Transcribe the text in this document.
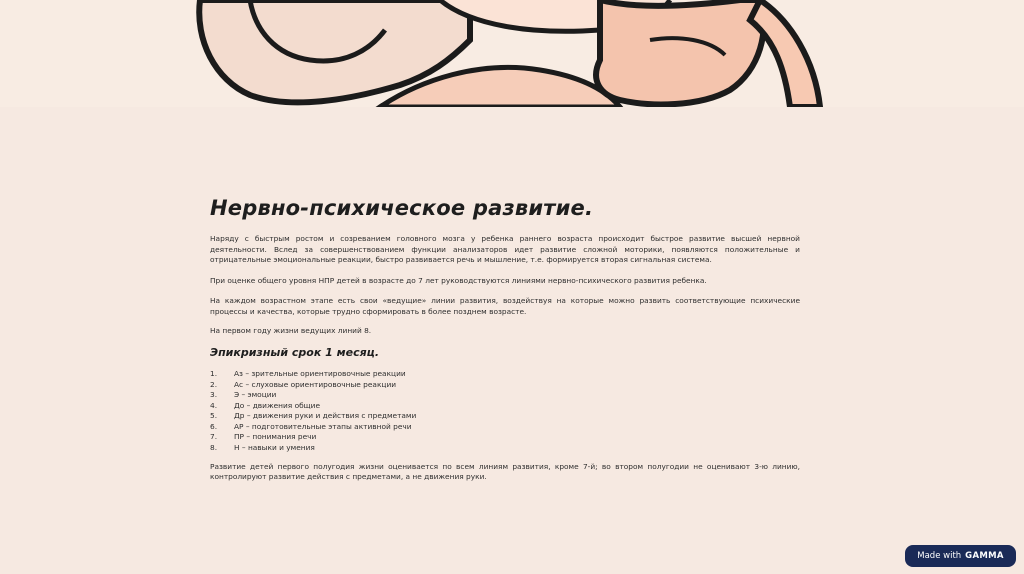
Нервно-психическое развитие.

Наряду с быстрым ростом и созреванием головного мозга у ребенка раннего возраста происходит быстрое развитие высшей нервной деятельности. Вслед за совершенствованием функции анализаторов идет развитие сложной моторики, появляются положительные и отрицательные эмоциональные реакции, быстро развивается речь и мышление, т.е. формируется вторая сигнальная система.

При оценке общего уровня НПР детей в возрасте до 7 лет руководствуются линиями нервно-психического развития ребенка.

На каждом возрастном этапе есть свои «ведущие» линии развития, воздействуя на которые можно развить соответствующие психические процессы и качества, которые трудно сформировать в более позднем возрасте.

На первом году жизни ведущих линий 8.

Эпикризный срок 1 месяц.
1.	Аз – зрительные ориентировочные реакции
2.	Ас – слуховые ориентировочные реакции
3.	Э – эмоции
4.	До – движения общие
5.	Др – движения руки и действия с предметами
6.	АР – подготовительные этапы активной речи
7.	ПР – понимания речи
8.	Н – навыки и умения

Развитие детей первого полугодия жизни оценивается по всем линиям развития, кроме 7-й; во втором полугодии не оценивают 3-ю линию, контролируют развитие действия с предметами, а не движения руки.

Made with GAMMA
